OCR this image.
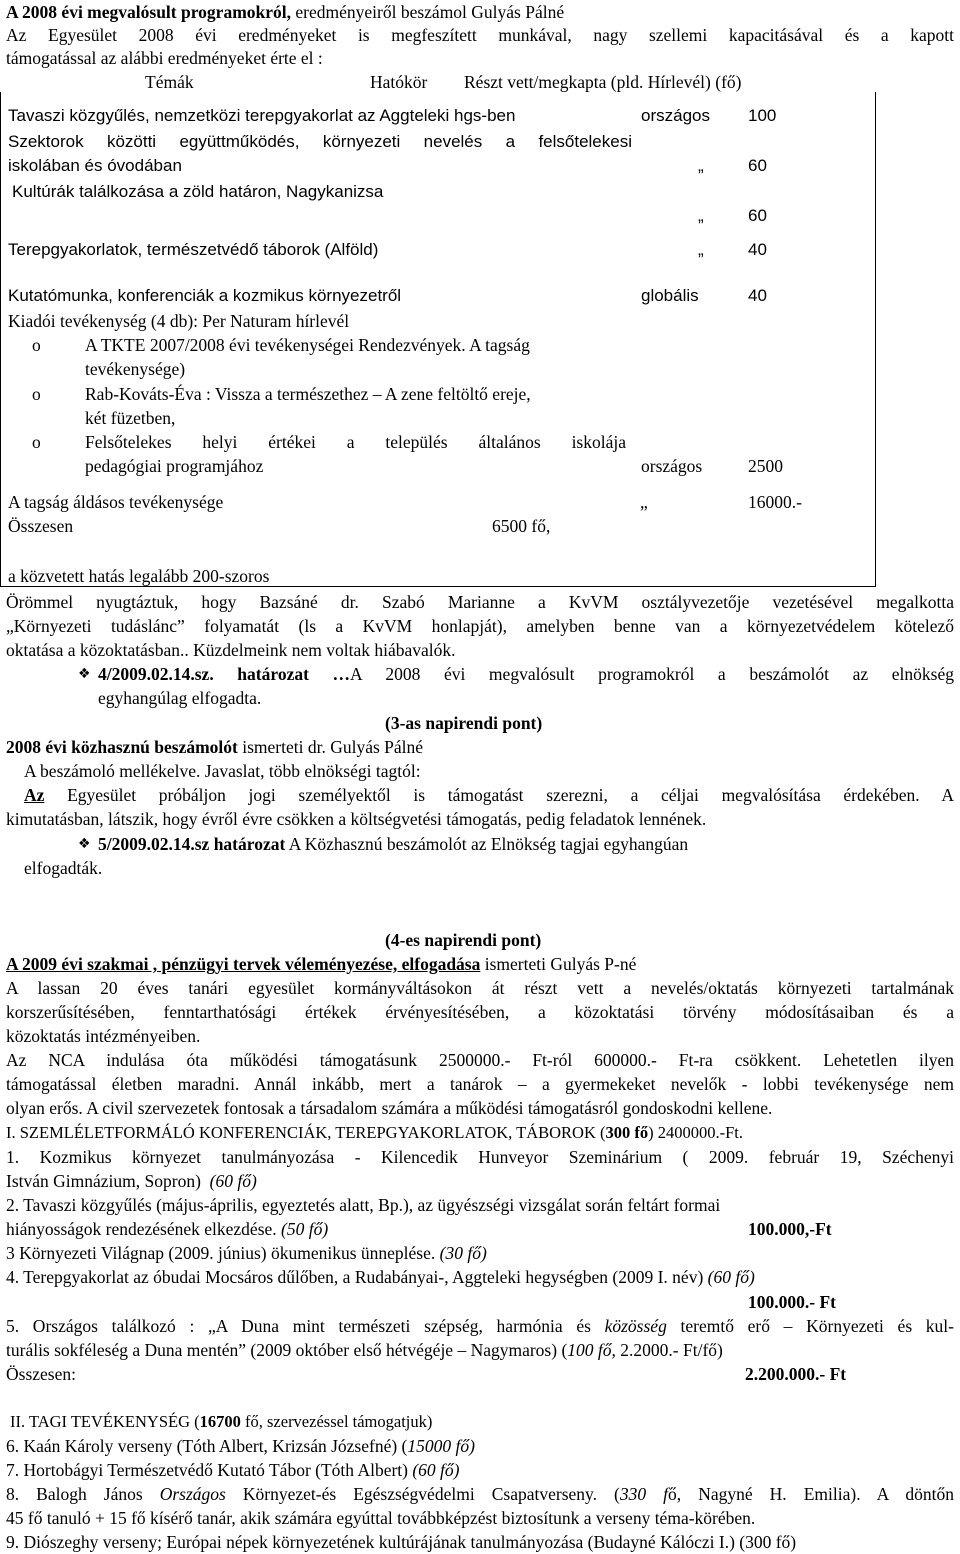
A 2008 évi megvalósult programokról, eredményeiről beszámol Gulyás Pálné
Az Egyesület 2008 évi eredményeket is megfeszített munkával, nagy szellemi kapacitásával és a kapott
támogatással az alábbi eredményeket érte el :
Témák	Hatókör Részt vett/megkapta (pld. Hírlevél) (fő)
Tavaszi közgyűlés, nemzetközi terepgyakorlat az Aggteleki hgs-ben	országos 100
Szektorok közötti együttműködés, környezeti nevelés a felsőtelekesi
iskolában és óvodában	„	60
Kultúrák találkozása a zöld határon, Nagykanizsa
„	60
Terepgyakorlatok, természetvédő táborok (Alföld)	„	40
Kutatómunka, konferenciák a kozmikus környezetről	globális	40
Kiadói tevékenység (4 db): Per Naturam hírlevél
o	A TKTE 2007/2008 évi tevékenységei Rendezvények. A tagság
tevékenysége)
o	Rab-Kováts-Éva : Vissza a természethez – A zene feltöltő ereje,
két füzetben,
o	Felsőtelekes helyi értékei a település általános iskolája
pedagógiai programjához	országos	2500
A tagság áldásos tevékenysége	„	16000.-
Összesen	6500 fő,
a közvetett hatás legalább 200-szoros
Örömmel nyugtáztuk, hogy Bazsáné dr. Szabó Marianne a KvVM osztályvezetője vezetésével megalkotta
„Környezeti tudáslánc” folyamatát (ls a KvVM honlapját), amelyben benne van a környezetvédelem kötelező
oktatása a közoktatásban.. Küzdelmeink nem voltak hiábavalók.
❖ 4/2009.02.14.sz. határozat …A 2008 évi megvalósult programokról a beszámolót az elnökség
egyhangúlag elfogadta.
(3-as napirendi pont)
2008 évi közhasznú beszámolót ismerteti dr. Gulyás Pálné
A beszámoló mellékelve. Javaslat, több elnökségi tagtól:
Az Egyesület próbáljon jogi személyektől is támogatást szerezni, a céljai megvalósítása érdekében. A
kimutatásban, látszik, hogy évről évre csökken a költségvetési támogatás, pedig feladatok lennének.
❖ 5/2009.02.14.sz határozat A Közhasznú beszámolót az Elnökség tagjai egyhangúan
elfogadták.
(4-es napirendi pont)
A 2009 évi szakmai , pénzügyi tervek véleményezése, elfogadása ismerteti Gulyás P-né
A lassan 20 éves tanári egyesület kormányváltásokon át részt vett a nevelés/oktatás környezeti tartalmának
korszerűsítésében, fenntarthatósági értékek érvényesítésében, a közoktatási törvény módosításaiban és a
közoktatás intézményeiben.
Az NCA indulása óta működési támogatásunk 2500000.- Ft-ról 600000.- Ft-ra csökkent. Lehetetlen ilyen
támogatással életben maradni. Annál inkább, mert a tanárok – a gyermekeket nevelők - lobbi tevékenysége nem
olyan erős. A civil szervezetek fontosak a társadalom számára a működési támogatásról gondoskodni kellene.
I. SZEMLÉLETFORMÁLÓ KONFERENCIÁK, TEREPGYAKORLATOK, TÁBOROK (300 fő) 2400000.-Ft.
1. Kozmikus környezet tanulmányozása - Kilencedik Hunveyor Szeminárium ( 2009. február 19, Széchenyi
István Gimnázium, Sopron) (60 fő)
2. Tavaszi közgyűlés (május-április, egyeztetés alatt, Bp.), az ügyészségi vizsgálat során feltárt formai
hiányosságok rendezésének elkezdése. (50 fő)	100.000,-Ft
3 Környezeti Világnap (2009. június) ökumenikus ünneplése. (30 fő)
4. Terepgyakorlat az óbudai Mocsáros dűlőben, a Rudabányai-, Aggteleki hegységben (2009 I. név) (60 fő)
100.000.- Ft
5. Országos találkozó : „A Duna mint természeti szépség, harmónia és közösség teremtő erő – Környezeti és kul-
turális sokféleség a Duna mentén” (2009 október első hétvégéje – Nagymaros) (100 fő, 2.2000.- Ft/fő)
Összesen:	2.200.000.- Ft
II. TAGI TEVÉKENYSÉG (16700 fő, szervezéssel támogatjuk)
6. Kaán Károly verseny (Tóth Albert, Krizsán Józsefné) (15000 fő)
7. Hortobágyi Természetvédő Kutató Tábor (Tóth Albert) (60 fő)
8. Balogh János Országos Környezet-és Egészségvédelmi Csapatverseny. (330 fő, Nagyné H. Emilia). A döntőn
45 fő tanuló + 15 fő kísérő tanár, akik számára egyúttal továbbképzést biztosítunk a verseny téma-körében.
9. Diószeghy verseny; Európai népek környezetének kultúrájának tanulmányozása (Budayné Kálóczi I.) (300 fő)
